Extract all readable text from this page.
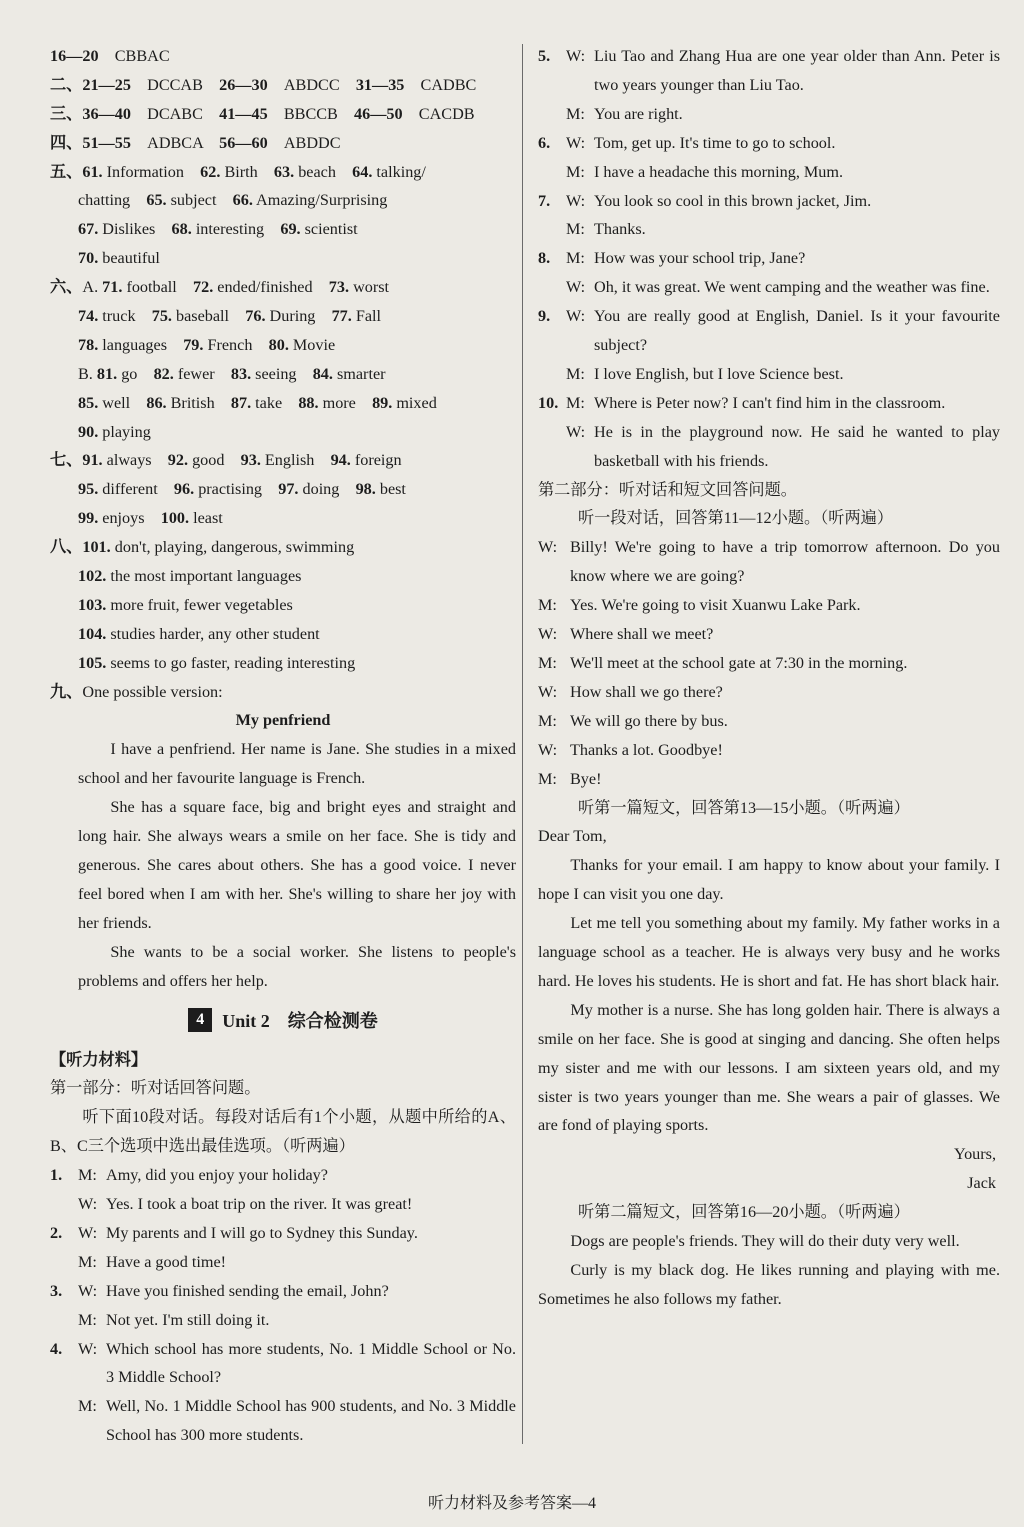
16—20　CBBAC
二、21—25　DCCAB　26—30　ABDCC　31—35　CADBC
三、36—40　DCABC　41—45　BBCCB　46—50　CACDB
四、51—55　ADBCA　56—60　ABDDC
五、61. Information　62. Birth　63. beach　64. talking/
chatting　65. subject　66. Amazing/Surprising
67. Dislikes　68. interesting　69. scientist
70. beautiful
六、A. 71. football　72. ended/finished　73. worst
74. truck　75. baseball　76. During　77. Fall
78. languages　79. French　80. Movie
B. 81. go　82. fewer　83. seeing　84. smarter
85. well　86. British　87. take　88. more　89. mixed
90. playing
七、91. always　92. good　93. English　94. foreign
95. different　96. practising　97. doing　98. best
99. enjoys　100. least
八、101. don't, playing, dangerous, swimming
102. the most important languages
103. more fruit, fewer vegetables
104. studies harder, any other student
105. seems to go faster, reading interesting
九、One possible version:
My penfriend
I have a penfriend. Her name is Jane. She studies in a mixed school and her favourite language is French.
She has a square face, big and bright eyes and straight and long hair. She always wears a smile on her face. She is tidy and generous. She cares about others. She has a good voice. I never feel bored when I am with her. She's willing to share her joy with her friends.
She wants to be a social worker. She listens to people's problems and offers her help.
4	Unit 2　综合检测卷
【听力材料】
第一部分：听对话回答问题。
听下面10段对话。每段对话后有1个小题，从题中所给的A、B、C三个选项中选出最佳选项。（听两遍）
1. M: Amy, did you enjoy your holiday?
W: Yes. I took a boat trip on the river. It was great!
2. W: My parents and I will go to Sydney this Sunday.
M: Have a good time!
3. W: Have you finished sending the email, John?
M: Not yet. I'm still doing it.
4. W: Which school has more students, No. 1 Middle School or No. 3 Middle School?
M: Well, No. 1 Middle School has 900 students, and No. 3 Middle School has 300 more students.
5. W: Liu Tao and Zhang Hua are one year older than Ann. Peter is two years younger than Liu Tao.
M: You are right.
6. W: Tom, get up. It's time to go to school.
M: I have a headache this morning, Mum.
7. W: You look so cool in this brown jacket, Jim.
M: Thanks.
8. M: How was your school trip, Jane?
W: Oh, it was great. We went camping and the weather was fine.
9. W: You are really good at English, Daniel. Is it your favourite subject?
M: I love English, but I love Science best.
10. M: Where is Peter now? I can't find him in the classroom.
W: He is in the playground now. He said he wanted to play basketball with his friends.
第二部分：听对话和短文回答问题。
听一段对话，回答第11—12小题。（听两遍）
W: Billy! We're going to have a trip tomorrow afternoon. Do you know where we are going?
M: Yes. We're going to visit Xuanwu Lake Park.
W: Where shall we meet?
M: We'll meet at the school gate at 7:30 in the morning.
W: How shall we go there?
M: We will go there by bus.
W: Thanks a lot. Goodbye!
M: Bye!
听第一篇短文，回答第13—15小题。（听两遍）
Dear Tom,
Thanks for your email. I am happy to know about your family. I hope I can visit you one day.
Let me tell you something about my family. My father works in a language school as a teacher. He is always very busy and he works hard. He loves his students. He is short and fat. He has short black hair.
My mother is a nurse. She has long golden hair. There is always a smile on her face. She is good at singing and dancing. She often helps my sister and me with our lessons. I am sixteen years old, and my sister is two years younger than me. She wears a pair of glasses. We are fond of playing sports.
Yours,
Jack
听第二篇短文，回答第16—20小题。（听两遍）
Dogs are people's friends. They will do their duty very well.
Curly is my black dog. He likes running and playing with me. Sometimes he also follows my father.
听力材料及参考答案—4
